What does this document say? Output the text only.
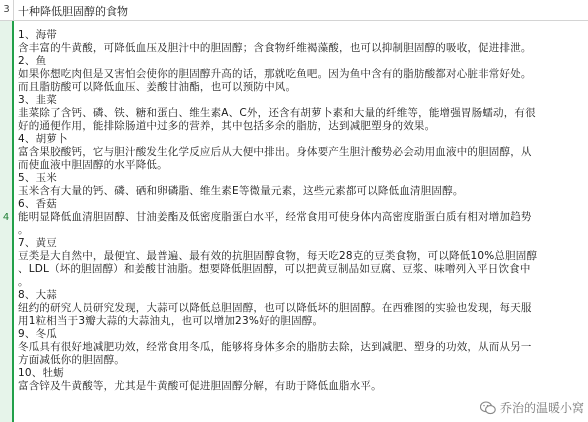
3 十种降低胆固醇的食物
4
1、海带
含丰富的牛黄酸，可降低血压及胆汁中的胆固醇；含食物纤维褐藻酸，也可以抑制胆固醇的吸收，促进排泄。
2、鱼
如果你想吃肉但是又害怕会使你的胆固醇升高的话，那就吃鱼吧。因为鱼中含有的脂肪酸都对心脏非常好处。
而且脂肪酸可以降低血压、姜酸甘油酯，也可以预防中风。
3、韭菜
韭菜除了含钙、磷、铁、糖和蛋白、维生素A、C外，还含有胡萝卜素和大量的纤维等，能增强胃肠蠕动，有很
好的通便作用，能排除肠道中过多的营养，其中包括多余的脂肪，达到减肥塑身的效果。
4、胡萝卜
富含果胶酸钙，它与胆汁酸发生化学反应后从大便中排出。身体要产生胆汁酸势必会动用血液中的胆固醇，从
而使血液中胆固醇的水平降低。
5、玉米
玉米含有大量的钙、磷、硒和卵磷脂、维生素E等微量元素，这些元素都可以降低血清胆固醇。
6、香菇
能明显降低血清胆固醇、甘油姜酯及低密度脂蛋白水平，经常食用可使身体内高密度脂蛋白质有相对增加趋势
。
7、黄豆
豆类是大自然中，最便宜、最普遍、最有效的抗胆固醇食物，每天吃28克的豆类食物，可以降低10%总胆固醇
、LDL（坏的胆固醇）和姜酸甘油脂。想要降低胆固醇，可以把黄豆制品如豆腐、豆浆、味噌列入平日饮食中
。
8、大蒜
纽约的研究人员研究发现，大蒜可以降低总胆固醇，也可以降低坏的胆固醇。在西雅图的实验也发现，每天服
用1粒相当于3瓣大蒜的大蒜油丸，也可以增加23%好的胆固醇。
9、冬瓜
冬瓜具有很好地减肥功效，经常食用冬瓜，能够将身体多余的脂肪去除，达到减肥、塑身的功效，从而从另一
方面减低你的胆固醇。
10、牡蛎
富含锌及牛黄酸等，尤其是牛黄酸可促进胆固醇分解，有助于降低血脂水平。
乔治的温暖小窝
